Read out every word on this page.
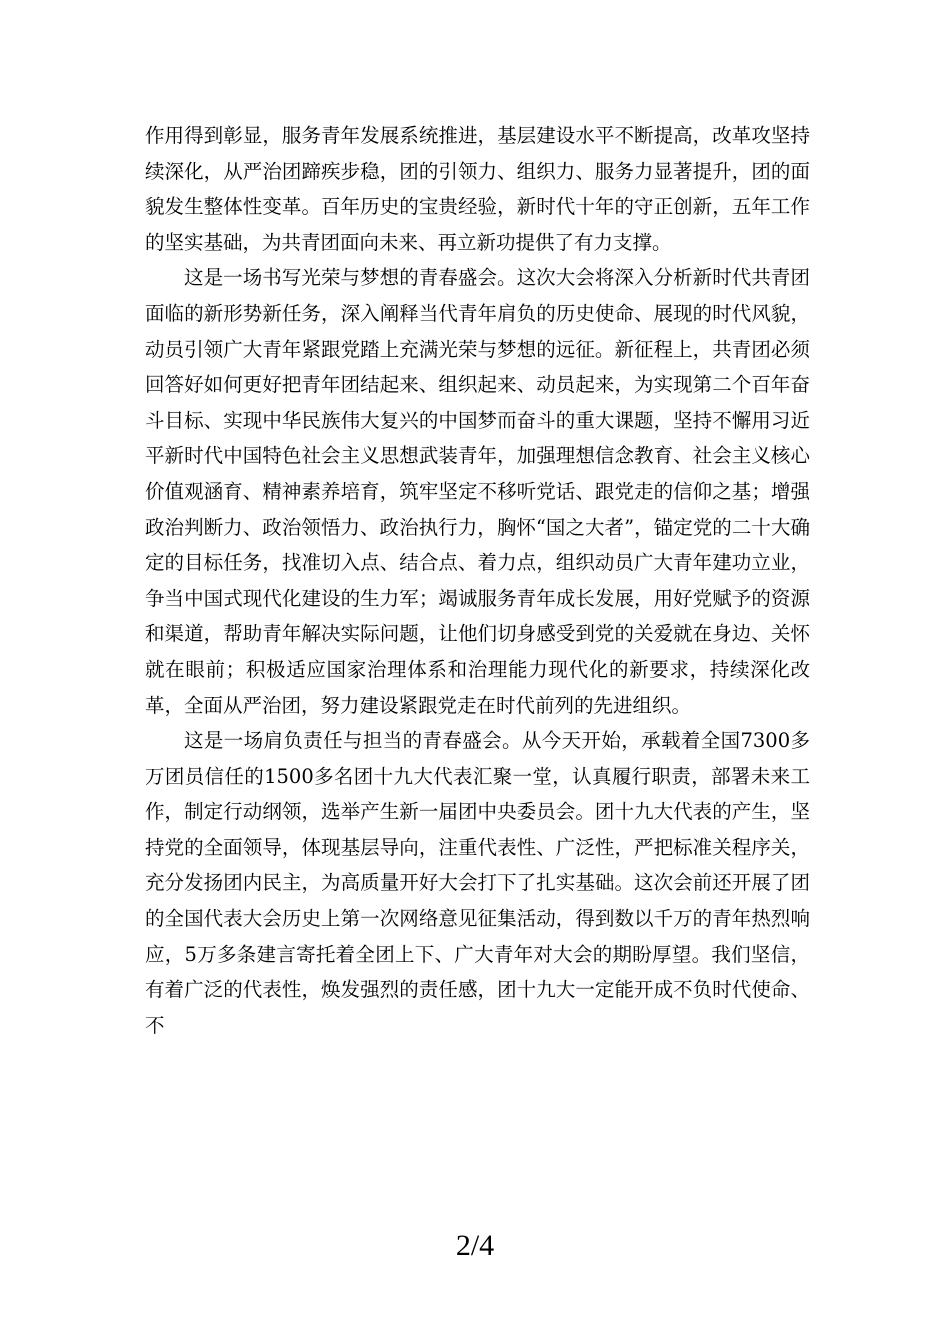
作用得到彰显，服务青年发展系统推进，基层建设水平不断提高，改革攻坚持续深化，从严治团蹄疾步稳，团的引领力、组织力、服务力显著提升，团的面貌发生整体性变革。百年历史的宝贵经验，新时代十年的守正创新，五年工作的坚实基础，为共青团面向未来、再立新功提供了有力支撑。

这是一场书写光荣与梦想的青春盛会。这次大会将深入分析新时代共青团面临的新形势新任务，深入阐释当代青年肩负的历史使命、展现的时代风貌，动员引领广大青年紧跟党踏上充满光荣与梦想的远征。新征程上，共青团必须回答好如何更好把青年团结起来、组织起来、动员起来，为实现第二个百年奋斗目标、实现中华民族伟大复兴的中国梦而奋斗的重大课题，坚持不懈用习近平新时代中国特色社会主义思想武装青年，加强理想信念教育、社会主义核心价值观涵育、精神素养培育，筑牢坚定不移听党话、跟党走的信仰之基；增强政治判断力、政治领悟力、政治执行力，胸怀“国之大者”，锚定党的二十大确定的目标任务，找准切入点、结合点、着力点，组织动员广大青年建功立业，争当中国式现代化建设的生力军；竭诚服务青年成长发展，用好党赋予的资源和渠道，帮助青年解决实际问题，让他们切身感受到党的关爱就在身边、关怀就在眼前；积极适应国家治理体系和治理能力现代化的新要求，持续深化改革，全面从严治团，努力建设紧跟党走在时代前列的先进组织。

这是一场肩负责任与担当的青春盛会。从今天开始，承载着全国7300多万团员信任的1500多名团十九大代表汇聚一堂，认真履行职责，部署未来工作，制定行动纲领，选举产生新一届团中央委员会。团十九大代表的产生，坚持党的全面领导，体现基层导向，注重代表性、广泛性，严把标准关程序关，充分发扬团内民主，为高质量开好大会打下了扎实基础。这次会前还开展了团的全国代表大会历史上第一次网络意见征集活动，得到数以千万的青年热烈响应，5万多条建言寄托着全团上下、广大青年对大会的期盼厚望。我们坚信，有着广泛的代表性，焕发强烈的责任感，团十九大一定能开成不负时代使命、不

2/4
